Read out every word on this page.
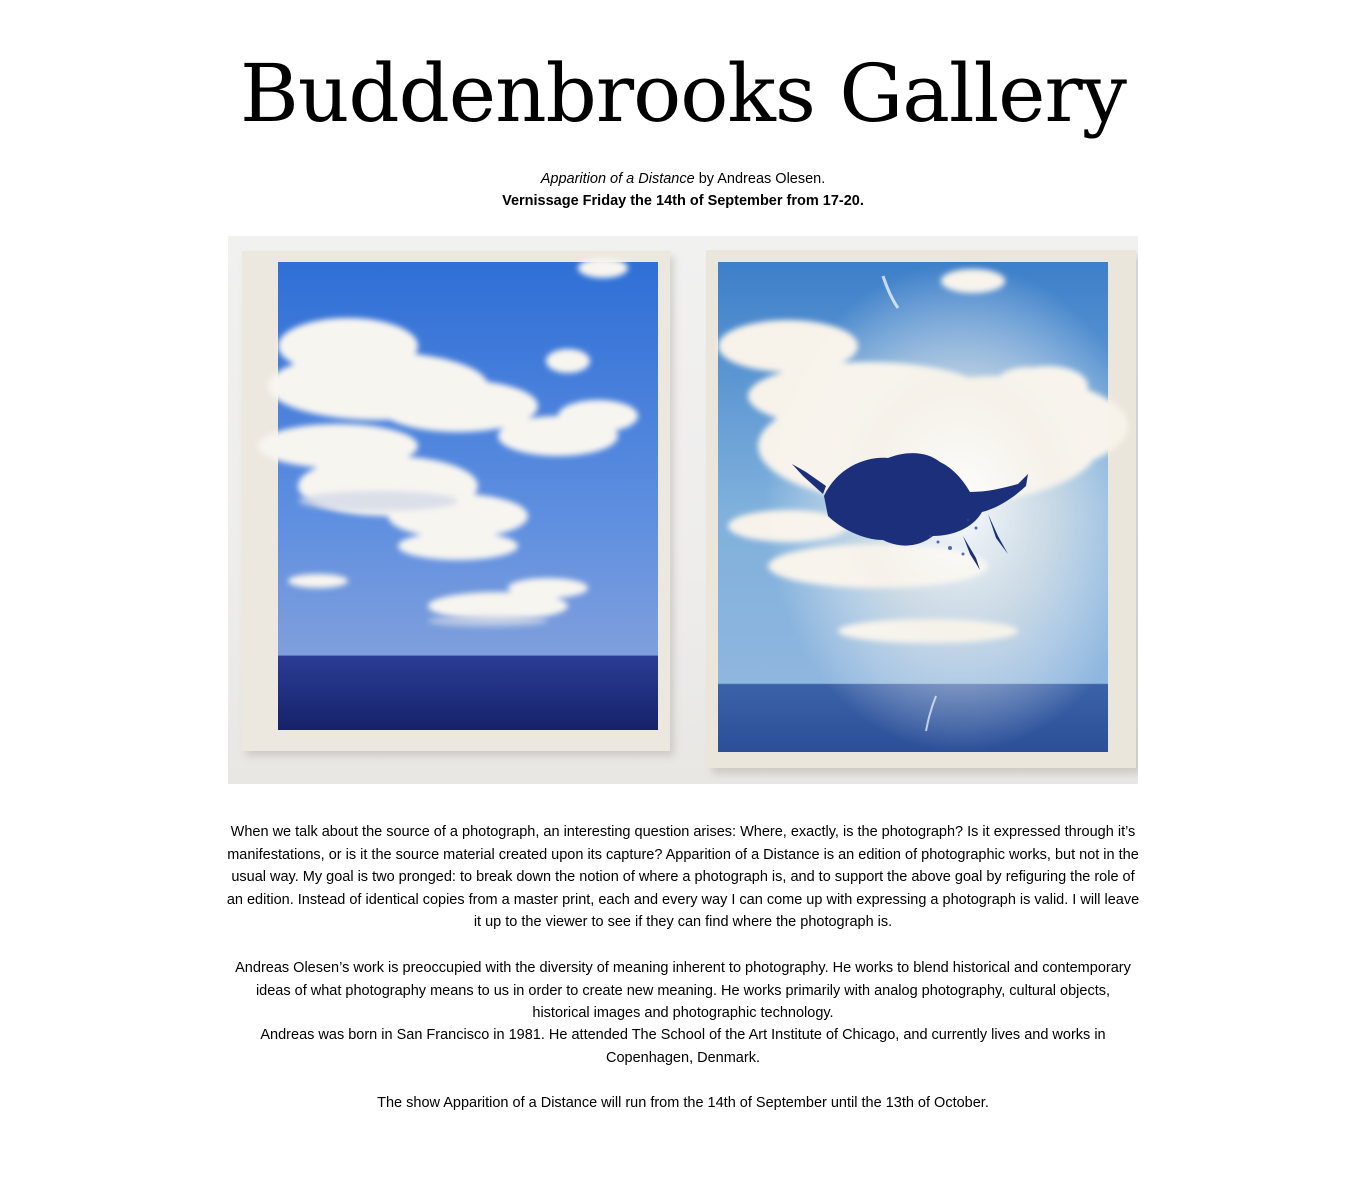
Buddenbrooks Gallery
Apparition of a Distance by Andreas Olesen.
Vernissage Friday the 14th of September from 17-20.

When we talk about the source of a photograph, an interesting question arises: Where, exactly, is the photograph? Is it expressed through it’s manifestations, or is it the source material created upon its capture? Apparition of a Distance is an edition of photographic works, but not in the usual way. My goal is two pronged: to break down the notion of where a photograph is, and to support the above goal by refiguring the role of an edition. Instead of identical copies from a master print, each and every way I can come up with expressing a photograph is valid. I will leave it up to the viewer to see if they can find where the photograph is.

Andreas Olesen’s work is preoccupied with the diversity of meaning inherent to photography. He works to blend historical and contemporary ideas of what photography means to us in order to create new meaning. He works primarily with analog photography, cultural objects, historical images and photographic technology.

Andreas was born in San Francisco in 1981. He attended The School of the Art Institute of Chicago, and currently lives and works in Copenhagen, Denmark.

The show Apparition of a Distance will run from the 14th of September until the 13th of October.
